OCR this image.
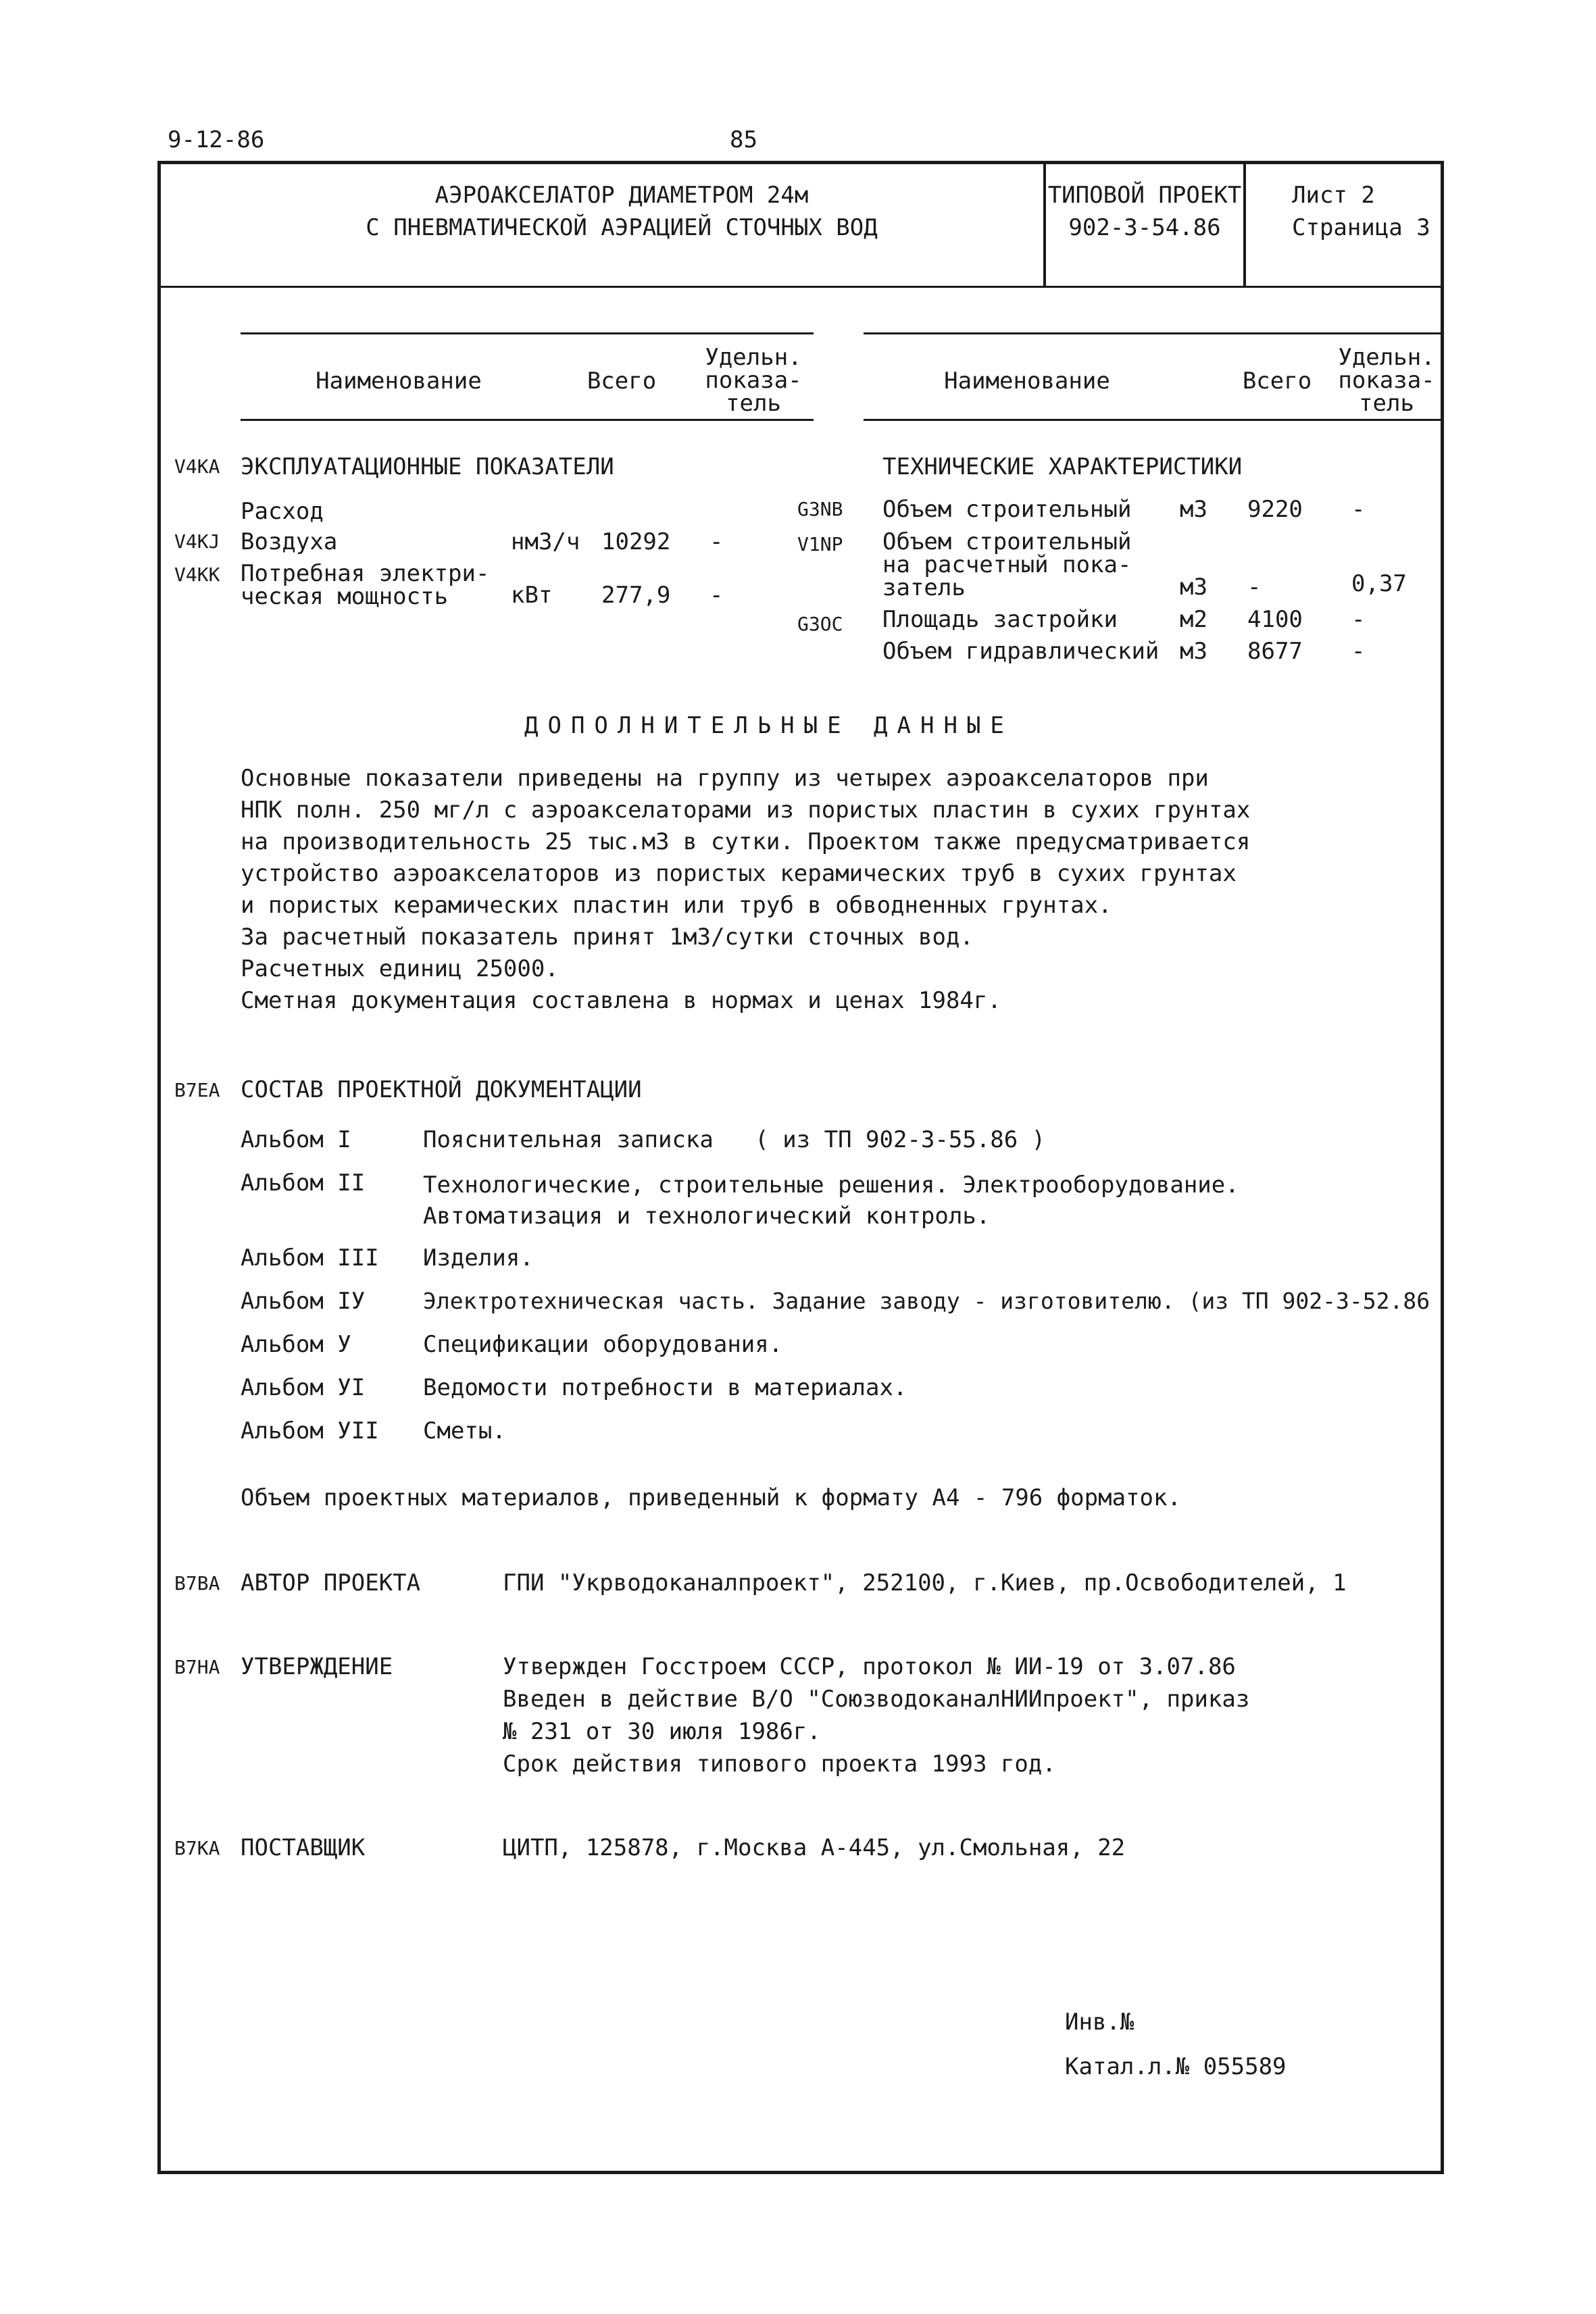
9-12-86	85
АЭРОАКСЕЛАТОР ДИАМЕТРОМ 24м
С ПНЕВМАТИЧЕСКОЙ АЭРАЦИЕЙ СТОЧНЫХ ВОД
ТИПОВОЙ ПРОЕКТ
902-3-54.86
Лист 2
Страница 3
Наименование	Всего
Удельн.
показа-
тель
Наименование	Всего
Удельн.
показа-
тель
V4KA ЭКСПЛУАТАЦИОННЫЕ ПОКАЗАТЕЛИ
Расход
V4KJ Воздуха	нм3/ч 10292 -
V4KK Потребная электри-
ческая мощность	кВт 277,9 -
ТЕХНИЧЕСКИЕ ХАРАКТЕРИСТИКИ
G3NB Объем строительный м3 9220 -
V1NP Объем строительный
на расчетный пока-
затель	м3 -	0,37
G3OC Площадь застройки	м2 4100 -
Объем гидравлический м3 8677 -
ДОПОЛНИТЕЛЬНЫЕ ДАННЫЕ
Основные показатели приведены на группу из четырех аэроакселаторов при
НПК полн. 250 мг/л с аэроакселаторами из пористых пластин в сухих грунтах
на производительность 25 тыс.м3 в сутки. Проектом также предусматривается
устройство аэроакселаторов из пористых керамических труб в сухих грунтах
и пористых керамических пластин или труб в обводненных грунтах.
За расчетный показатель принят 1м3/сутки сточных вод.
Расчетных единиц 25000.
Сметная документация составлена в нормах и ценах 1984г.
B7EA СОСТАВ ПРОЕКТНОЙ ДОКУМЕНТАЦИИ
Альбом I	Пояснительная записка   ( из ТП 902-3-55.86 )
Альбом II	Технологические, строительные решения. Электрооборудование.
Автоматизация и технологический контроль.
Альбом III Изделия.
Альбом IУ	Электротехническая часть. Задание заводу - изготовителю. (из ТП 902-3-52.86
Альбом У	Спецификации оборудования.
Альбом УI	Ведомости потребности в материалах.
Альбом УII Сметы.
Объем проектных материалов, приведенный к формату А4 - 796 форматок.
B7BA АВТОР ПРОЕКТА	ГПИ "Укрводоканалпроект", 252100, г.Киев, пр.Освободителей, 1
B7HA УТВЕРЖДЕНИЕ	Утвержден Госстроем СССР, протокол № ИИ-19 от 3.07.86
Введен в действие В/О "СоюзводоканалНИИпроект", приказ
№ 231 от 30 июля 1986г.
Срок действия типового проекта 1993 год.
B7KA ПОСТАВЩИК	ЦИТП, 125878, г.Москва А-445, ул.Смольная, 22
Инв.№
Катал.л.№ 055589
